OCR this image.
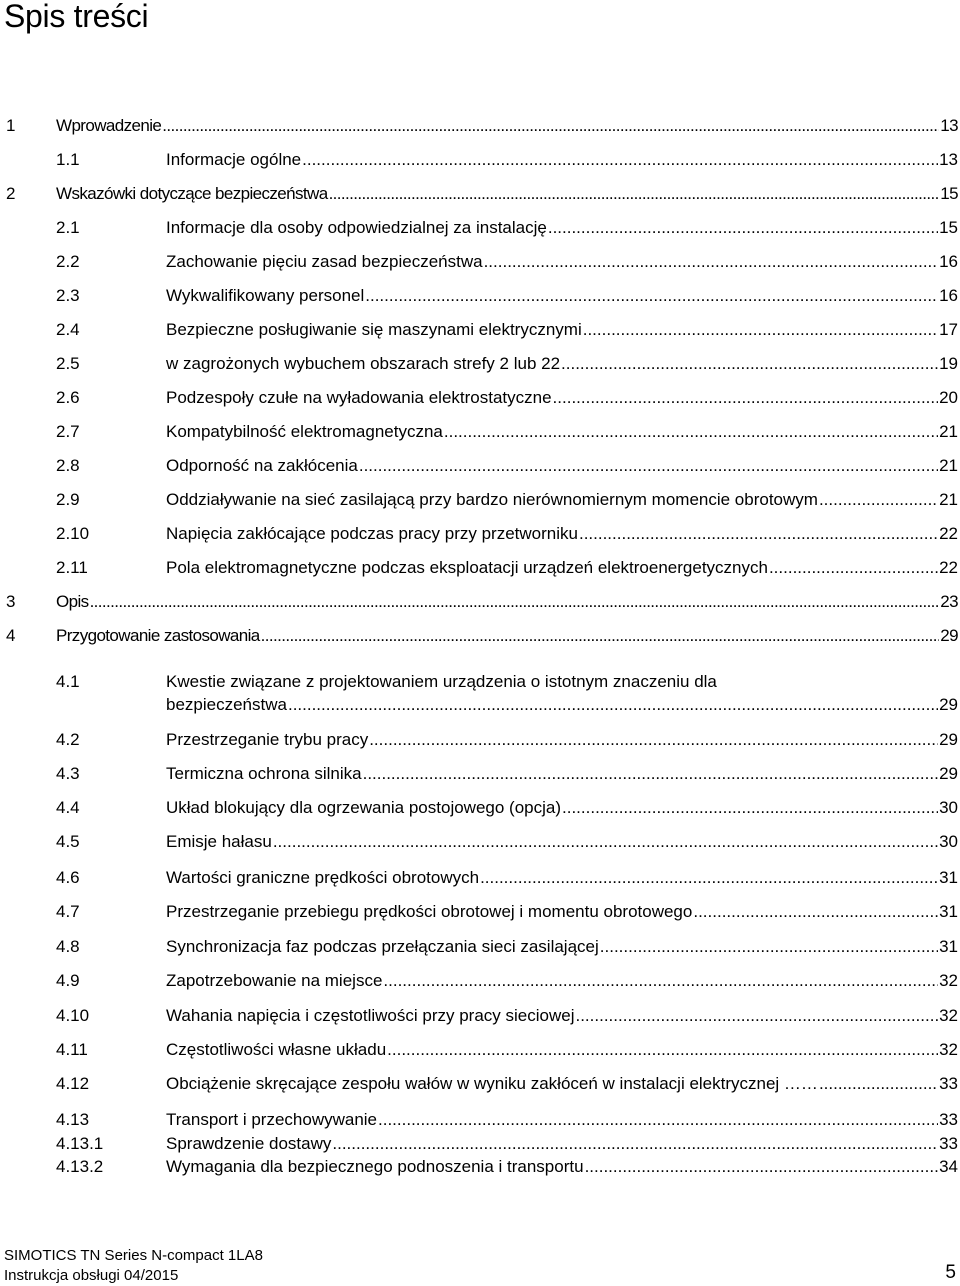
Spis treści
1 Wprowadzenie .....	13
1.1	Informacje ogólne .....	13
2 Wskazówki dotyczące bezpieczeństwa .....	15
2.1	Informacje dla osoby odpowiedzialnej za instalację .....	15
2.2	Zachowanie pięciu zasad bezpieczeństwa .....	16
2.3	Wykwalifikowany personel .....	16
2.4	Bezpieczne posługiwanie się maszynami elektrycznymi .....	17
2.5	w zagrożonych wybuchem obszarach strefy 2 lub 22 .....	19
2.6	Podzespoły czułe na wyładowania elektrostatyczne .....	20
2.7	Kompatybilność elektromagnetyczna .....	21
2.8	Odporność na zakłócenia .....	21
2.9	Oddziaływanie na sieć zasilającą przy bardzo nierównomiernym momencie obrotowym .....	21
2.10	Napięcia zakłócające podczas pracy przy przetworniku .....	22
2.11	Pola elektromagnetyczne podczas eksploatacji urządzeń elektroenergetycznych .....	22
3 Opis .....	23
4 Przygotowanie zastosowania .....	29
4.1	Kwestie związane z projektowaniem urządzenia o istotnym znaczeniu dla
bezpieczeństwa .....	29
4.2	Przestrzeganie trybu pracy .....	29
4.3	Termiczna ochrona silnika .....	29
4.4	Układ blokujący dla ogrzewania postojowego (opcja) .....	30
4.5	Emisje hałasu .....	30
4.6	Wartości graniczne prędkości obrotowych .....	31
4.7	Przestrzeganie przebiegu prędkości obrotowej i momentu obrotowego .....	31
4.8	Synchronizacja faz podczas przełączania sieci zasilającej .....	31
4.9	Zapotrzebowanie na miejsce .....	32
4.10	Wahania napięcia i częstotliwości przy pracy sieciowej .....	32
4.11	Częstotliwości własne układu .....	32
4.12	Obciążenie skręcające zespołu wałów w wyniku zakłóceń w instalacji elektrycznej …… .....	33
4.13	Transport i przechowywanie .....	33
4.13.1	Sprawdzenie dostawy .....	33
4.13.2	Wymagania dla bezpiecznego podnoszenia i transportu .....	34
SIMOTICS TN Series N-compact 1LA8
Instrukcja obsługi 04/2015	5
